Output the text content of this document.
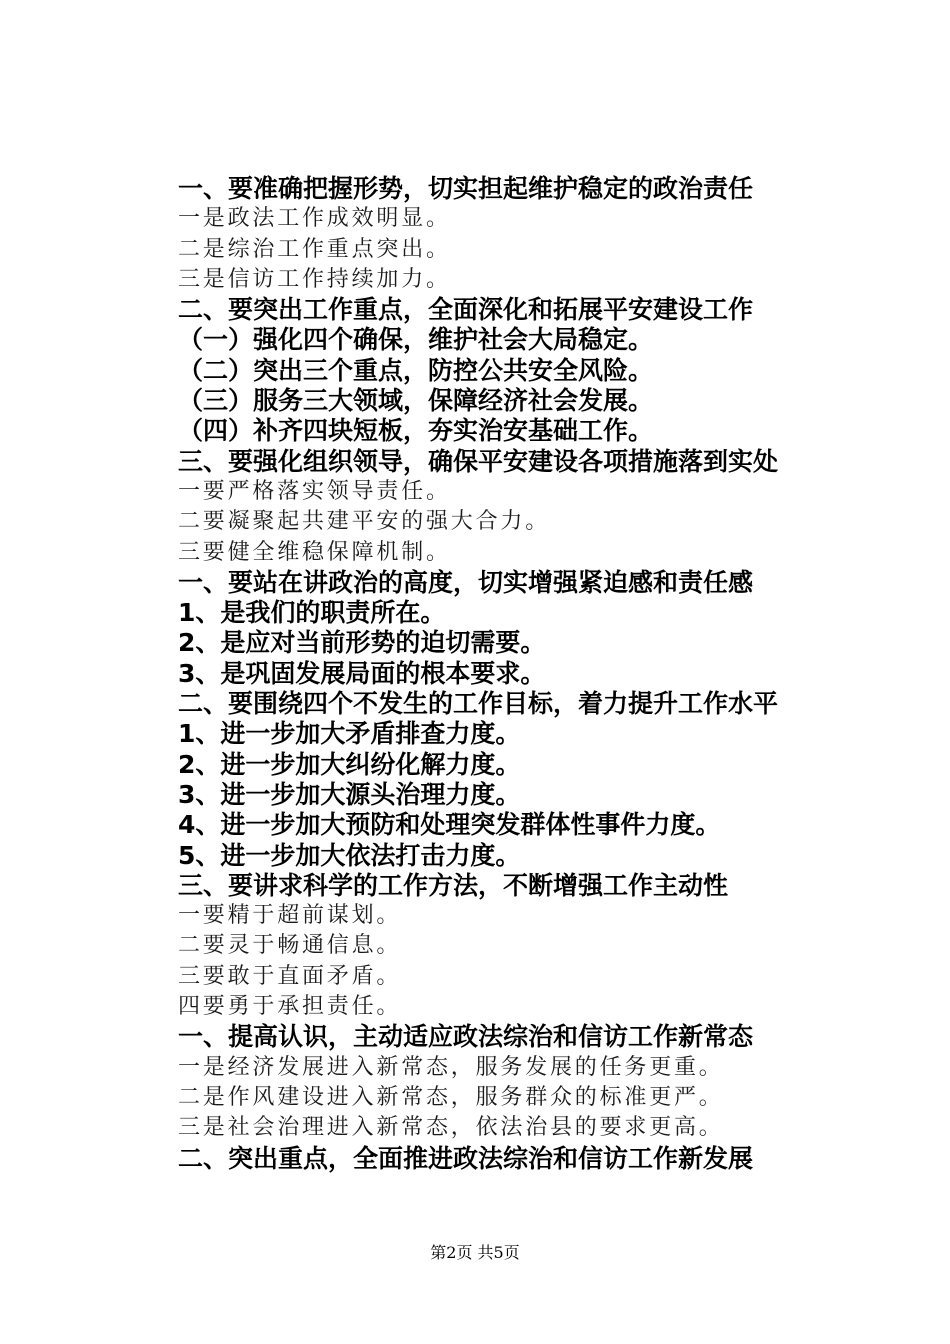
一、要准确把握形势，切实担起维护稳定的政治责任
一是政法工作成效明显。
二是综治工作重点突出。
三是信访工作持续加力。
二、要突出工作重点，全面深化和拓展平安建设工作
（一）强化四个确保，维护社会大局稳定。
（二）突出三个重点，防控公共安全风险。
（三）服务三大领域，保障经济社会发展。
（四）补齐四块短板，夯实治安基础工作。
三、要强化组织领导，确保平安建设各项措施落到实处
一要严格落实领导责任。
二要凝聚起共建平安的强大合力。
三要健全维稳保障机制。
一、要站在讲政治的高度，切实增强紧迫感和责任感
1、是我们的职责所在。
2、是应对当前形势的迫切需要。
3、是巩固发展局面的根本要求。
二、要围绕四个不发生的工作目标，着力提升工作水平
1、进一步加大矛盾排查力度。
2、进一步加大纠纷化解力度。
3、进一步加大源头治理力度。
4、进一步加大预防和处理突发群体性事件力度。
5、进一步加大依法打击力度。
三、要讲求科学的工作方法，不断增强工作主动性
一要精于超前谋划。
二要灵于畅通信息。
三要敢于直面矛盾。
四要勇于承担责任。
一、提高认识，主动适应政法综治和信访工作新常态
一是经济发展进入新常态，服务发展的任务更重。
二是作风建设进入新常态，服务群众的标准更严。
三是社会治理进入新常态，依法治县的要求更高。
二、突出重点，全面推进政法综治和信访工作新发展
第2页 共5页
